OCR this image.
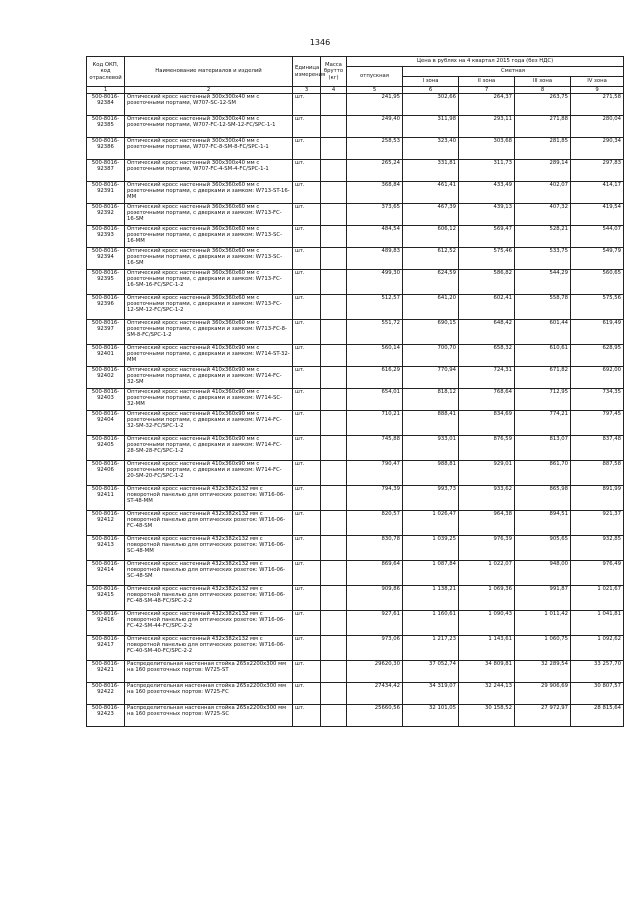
1346
Код ОКП, код отраслевой	Наименование материалов и изделий	Единица измерения	Масса брутто (кг)	Цена в рублях на 4 квартал 2015 года (без НДС)				
				отпускная	Сметная			
					I зона	II зона	III зона	IV зона
1	2	3	4	5	6	7	8	9
500-8016-92384	Оптический кросс настенный 300x300x40 мм с розеточными портами, W707-SC-12-SM	шт.		241,95	302,66	264,37	263,75	271,58
500-8016-92385	Оптический кросс настенный 300x300x40 мм с розеточными портами, W707-FC-12-SM-12-FC/SPC-1-1	шт.		249,40	311,98	293,11	271,88	280,04
500-8016-92386	Оптический кросс настенный 300x300x40 мм с розеточными портами, W707-FC-8-SM-8-FC/SPC-1-1	шт.		258,53	323,40	303,68	281,85	290,34
500-8016-92387	Оптический кросс настенный 300x300x40 мм с розеточными портами, W707-FC-4-SM-4-FC/SPC-1-1	шт.		265,24	331,81	311,73	289,14	297,83
500-8016-92391	Оптический кросс настенный 360x360x60 мм с розеточными портами, с дверками и замком: W713-ST-16-MM	шт.		368,84	461,41	433,49	402,07	414,17
500-8016-92392	Оптический кросс настенный 360x360x60 мм с розеточными портами, с дверками и замком: W713-FC-16-SM	шт.		373,65	467,39	439,13	407,32	419,54
500-8016-92393	Оптический кросс настенный 360x360x60 мм с розеточными портами, с дверками и замком: W713-SC-16-MM	шт.		484,54	606,12	569,47	528,21	544,07
500-8016-92394	Оптический кросс настенный 360x360x60 мм с розеточными портами, с дверками и замком: W713-SC-16-SM	шт.		489,83	612,52	575,46	533,75	549,79
500-8016-92395	Оптический кросс настенный 360x360x60 мм с розеточными портами, с дверками и замком: W713-FC-16-SM-16-FC/SPC-1-2	шт.		499,30	624,59	586,82	544,29	560,65
500-8016-92396	Оптический кросс настенный 360x360x60 мм с розеточными портами, с дверками и замком: W713-FC-12-SM-12-FC/SPC-1-2	шт.		512,57	641,20	602,41	558,78	575,56
500-8016-92397	Оптический кросс настенный 360x360x60 мм с розеточными портами, с дверками и замком: W713-FC-8-SM-8-FC/SPC-1-2	шт.		551,72	690,15	648,42	601,44	619,49
500-8016-92401	Оптический кросс настенный 410x360x90 мм с розеточными портами, с дверками и замком: W714-ST-32-MM	шт.		560,14	700,70	658,32	610,61	628,95
500-8016-92402	Оптический кросс настенный 410x360x90 мм с розеточными портами, с дверками и замком: W714-FC-32-SM	шт.		616,29	770,94	724,31	671,82	692,00
500-8016-92403	Оптический кросс настенный 410x360x90 мм с розеточными портами, с дверками и замком: W714-SC-32-MM	шт.		654,01	818,12	768,64	712,95	734,35
500-8016-92404	Оптический кросс настенный 410x360x90 мм с розеточными портами, с дверками и замком: W714-FC-32-SM-32-FC/SPC-1-2	шт.		710,21	888,41	834,69	774,21	797,45
500-8016-92405	Оптический кросс настенный 410x360x90 мм с розеточными портами, с дверками и замком: W714-FC-28-SM-28-FC/SPC-1-2	шт.		745,88	933,01	876,59	813,07	837,48
500-8016-92406	Оптический кросс настенный 410x360x90 мм с розеточными портами, с дверками и замком: W714-FC-20-SM-20-FC/SPC-1-2	шт.		790,47	988,81	929,01	861,70	887,58
500-8016-92411	Оптический кросс настенный 432x382x132 мм с поворотной панелью для оптических розеток: W716-06-ST-48-MM	шт.		794,39	993,73	933,62	865,98	891,99
500-8016-92412	Оптический кросс настенный 432x382x132 мм с поворотной панелью для оптических розеток: W716-06-FC-48-SM	шт.		820,57	1 026,47	964,38	894,51	921,37
500-8016-92413	Оптический кросс настенный 432x382x132 мм с поворотной панелью для оптических розеток: W716-06-SC-48-MM	шт.		830,78	1 039,25	976,39	905,65	932,85
500-8016-92414	Оптический кросс настенный 432x382x132 мм с поворотной панелью для оптических розеток: W716-06-SC-48-SM	шт.		869,64	1 087,84	1 022,07	948,00	976,49
500-8016-92415	Оптический кросс настенный 432x382x132 мм с поворотной панелью для оптических розеток: W716-06-FC-48-SM-48-FC/SPC-2-2	шт.		909,86	1 138,21	1 069,36	991,87	1 021,67
500-8016-92416	Оптический кросс настенный 432x382x132 мм с поворотной панелью для оптических розеток: W716-06-FC-42-SM-44-FC/SPC-2-2	шт.		927,61	1 160,61	1 090,43	1 011,42	1 041,81
500-8016-92417	Оптический кросс настенный 432x382x132 мм с поворотной панелью для оптических розеток: W716-06-FC-40-SM-40-FC/SPC-2-2	шт.		973,06	1 217,23	1 143,61	1 060,75	1 092,62
500-8016-92421	Распределительная настенная стойка 265x2200x300 мм на 160 розеточных портов: W725-ST	шт.		29620,30	37 052,74	34 809,81	32 289,54	33 257,70
500-8016-92422	Распределительная настенная стойка 265x2200x300 мм на 160 розеточных портов: W725-FC	шт.		27434,42	34 319,07	32 244,13	29 906,69	30 807,57
500-8016-92423	Распределительная настенная стойка 265x2200x300 мм на 160 розеточных портов: W725-SC	шт.		25660,56	32 101,05	30 158,52	27 972,97	28 815,64
